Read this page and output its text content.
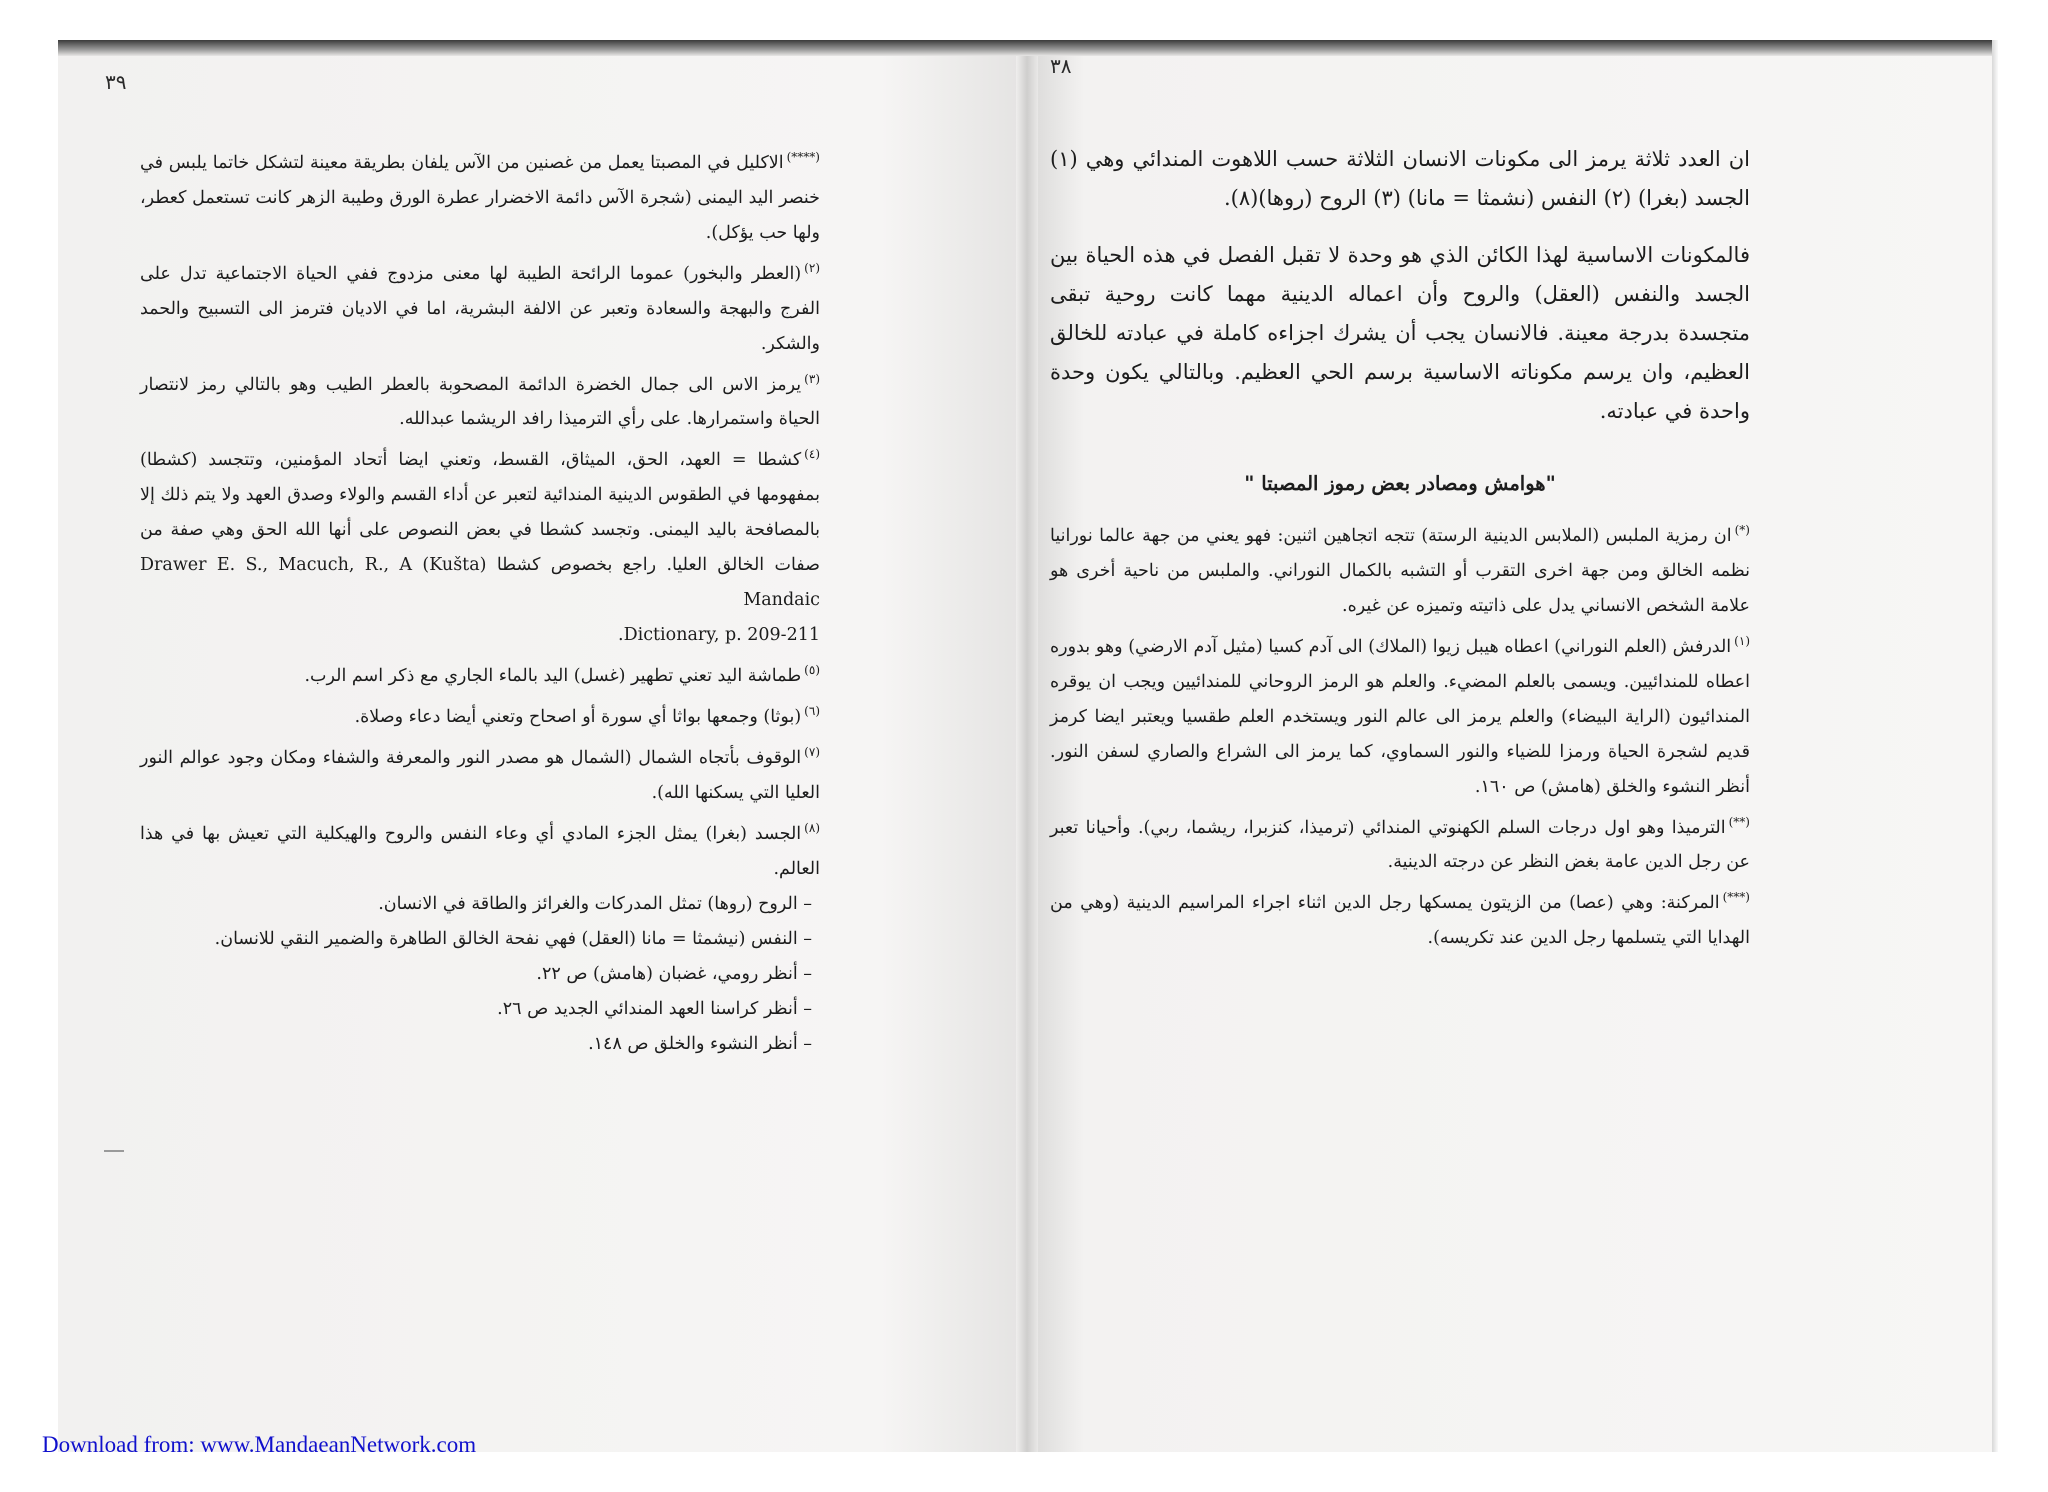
٣٩
٣٨

(****)الاكليل في المصبتا يعمل من غصنين من الآس يلفان بطريقة معينة لتشكل خاتما يلبس في خنصر اليد اليمنى (شجرة الآس دائمة الاخضرار عطرة الورق وطيبة الزهر كانت تستعمل كعطر، ولها حب يؤكل).

$^{(٢)}$(العطر والبخور) عموما الرائحة الطيبة لها معنى مزدوج ففي الحياة الاجتماعية تدل على الفرج والبهجة والسعادة وتعبر عن الالفة البشرية، اما في الاديان فترمز الى التسبيح والحمد والشكر.

$^{(٣)}$يرمز الاس الى جمال الخضرة الدائمة المصحوبة بالعطر الطيب وهو بالتالي رمز لانتصار الحياة واستمرارها. على رأي الترميذا رافد الريشما عبدالله.

$^{(٤)}$كشطا = العهد، الحق، الميثاق، القسط، وتعني ايضا أتحاد المؤمنين، وتتجسد (كشطا) بمفهومها في الطقوس الدينية المندائية لتعبر عن أداء القسم والولاء وصدق العهد ولا يتم ذلك إلا بالمصافحة باليد اليمنى. وتجسد كشطا في بعض النصوص على أنها الله الحق وهي صفة من صفات الخالق العليا. راجع بخصوص كشطا (Kušta) Drawer E. S., Macuch, R., A Mandaic

Dictionary, p. 209-211.

$^{(٥)}$طماشة اليد تعني تطهير (غسل) اليد بالماء الجاري مع ذكر اسم الرب.

$^{(٦)}$(بوثا) وجمعها بواثا أي سورة أو اصحاح وتعني أيضا دعاء وصلاة.

$^{(٧)}$الوقوف بأتجاه الشمال (الشمال هو مصدر النور والمعرفة والشفاء ومكان وجود عوالم النور العليا التي يسكنها الله).

$^{(٨)}$الجسد (بغرا) يمثل الجزء المادي أي وعاء النفس والروح والهيكلية التي تعيش بها في هذا العالم.

– الروح (روها) تمثل المدركات والغرائز والطاقة في الانسان.

– النفس (نيشمثا = مانا (العقل) فهي نفحة الخالق الطاهرة والضمير النقي للانسان.

– أنظر رومي، غضبان (هامش) ص ٢٢.

– أنظر كراسنا العهد المندائي الجديد ص ٢٦.

– أنظر النشوء والخلق ص ١٤٨.

ان العدد ثلاثة يرمز الى مكونات الانسان الثلاثة حسب اللاهوت المندائي وهي (١) الجسد (بغرا) (٢) النفس (نشمثا = مانا) (٣) الروح (روها)(٨).

فالمكونات الاساسية لهذا الكائن الذي هو وحدة لا تقبل الفصل في هذه الحياة بين الجسد والنفس (العقل) والروح وأن اعماله الدينية مهما كانت روحية تبقى متجسدة بدرجة معينة. فالانسان يجب أن يشرك اجزاءه كاملة في عبادته للخالق العظيم، وان يرسم مكوناته الاساسية برسم الحي العظيم. وبالتالي يكون وحدة واحدة في عبادته.

"هوامش ومصادر بعض رموز المصبتا "

(*)ان رمزية الملبس (الملابس الدينية الرستة) تتجه اتجاهين اثنين: فهو يعني من جهة عالما نورانيا نظمه الخالق ومن جهة اخرى التقرب أو التشبه بالكمال النوراني. والملبس من ناحية أخرى هو علامة الشخص الانساني يدل على ذاتيته وتميزه عن غيره.

$^{(١)}$الدرفش (العلم النوراني) اعطاه هيبل زيوا (الملاك) الى آدم كسيا (مثيل آدم الارضي) وهو بدوره اعطاه للمندائيين. ويسمى بالعلم المضيء. والعلم هو الرمز الروحاني للمندائيين ويجب ان يوقره المندائيون (الراية البيضاء) والعلم يرمز الى عالم النور ويستخدم العلم طقسيا ويعتبر ايضا كرمز قديم لشجرة الحياة ورمزا للضياء والنور السماوي، كما يرمز الى الشراع والصاري لسفن النور. أنظر النشوء والخلق (هامش) ص ١٦٠.

(**)الترميذا وهو اول درجات السلم الكهنوتي المندائي (ترميذا، كنزبرا، ريشما، ربي). وأحيانا تعبر عن رجل الدين عامة بغض النظر عن درجته الدينية.

(***)المركنة: وهي (عصا) من الزيتون يمسكها رجل الدين اثناء اجراء المراسيم الدينية (وهي من الهدايا التي يتسلمها رجل الدين عند تكريسه).

Download from: www.MandaeanNetwork.com
